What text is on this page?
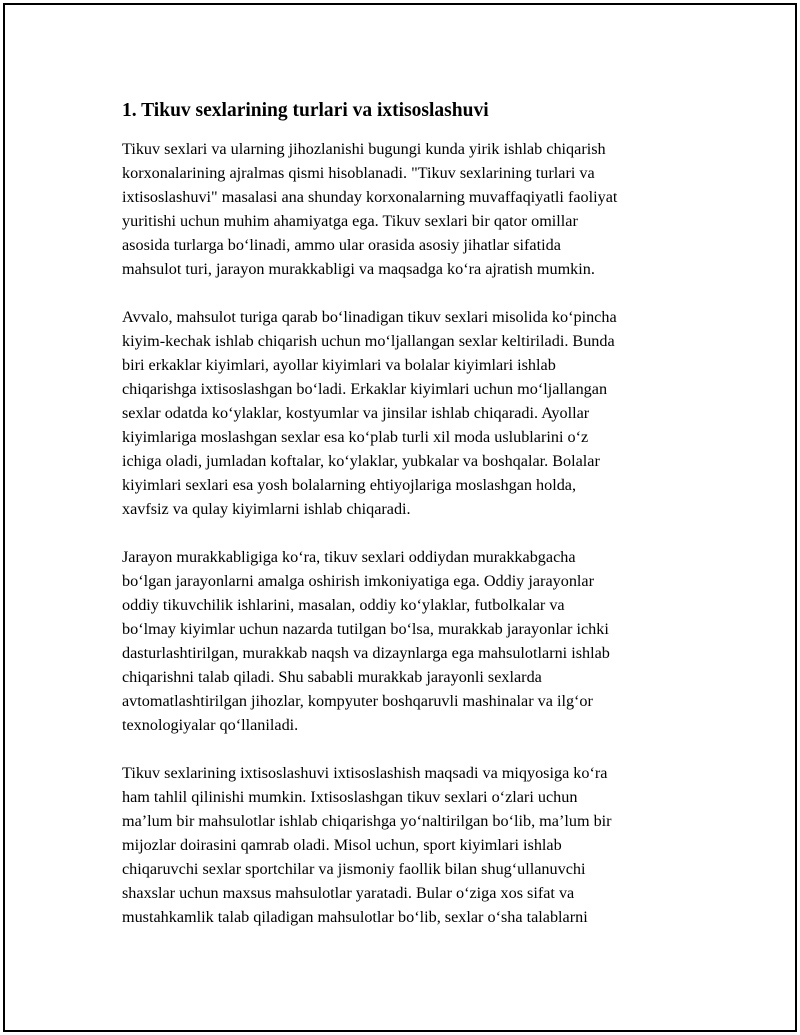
1. Tikuv sexlarining turlari va ixtisoslashuvi

Tikuv sexlari va ularning jihozlanishi bugungi kunda yirik ishlab chiqarish
korxonalarining ajralmas qismi hisoblanadi. "Tikuv sexlarining turlari va
ixtisoslashuvi" masalasi ana shunday korxonalarning muvaffaqiyatli faoliyat
yuritishi uchun muhim ahamiyatga ega. Tikuv sexlari bir qator omillar
asosida turlarga bo‘linadi, ammo ular orasida asosiy jihatlar sifatida
mahsulot turi, jarayon murakkabligi va maqsadga ko‘ra ajratish mumkin.

Avvalo, mahsulot turiga qarab bo‘linadigan tikuv sexlari misolida ko‘pincha
kiyim-kechak ishlab chiqarish uchun mo‘ljallangan sexlar keltiriladi. Bunda
biri erkaklar kiyimlari, ayollar kiyimlari va bolalar kiyimlari ishlab
chiqarishga ixtisoslashgan bo‘ladi. Erkaklar kiyimlari uchun mo‘ljallangan
sexlar odatda ko‘ylaklar, kostyumlar va jinsilar ishlab chiqaradi. Ayollar
kiyimlariga moslashgan sexlar esa ko‘plab turli xil moda uslublarini o‘z
ichiga oladi, jumladan koftalar, ko‘ylaklar, yubkalar va boshqalar. Bolalar
kiyimlari sexlari esa yosh bolalarning ehtiyojlariga moslashgan holda,
xavfsiz va qulay kiyimlarni ishlab chiqaradi.

Jarayon murakkabligiga ko‘ra, tikuv sexlari oddiydan murakkabgacha
bo‘lgan jarayonlarni amalga oshirish imkoniyatiga ega. Oddiy jarayonlar
oddiy tikuvchilik ishlarini, masalan, oddiy ko‘ylaklar, futbolkalar va
bo‘lmay kiyimlar uchun nazarda tutilgan bo‘lsa, murakkab jarayonlar ichki
dasturlashtirilgan, murakkab naqsh va dizaynlarga ega mahsulotlarni ishlab
chiqarishni talab qiladi. Shu sababli murakkab jarayonli sexlarda
avtomatlashtirilgan jihozlar, kompyuter boshqaruvli mashinalar va ilg‘or
texnologiyalar qo‘llaniladi.

Tikuv sexlarining ixtisoslashuvi ixtisoslashish maqsadi va miqyosiga ko‘ra
ham tahlil qilinishi mumkin. Ixtisoslashgan tikuv sexlari o‘zlari uchun
ma’lum bir mahsulotlar ishlab chiqarishga yo‘naltirilgan bo‘lib, ma’lum bir
mijozlar doirasini qamrab oladi. Misol uchun, sport kiyimlari ishlab
chiqaruvchi sexlar sportchilar va jismoniy faollik bilan shug‘ullanuvchi
shaxslar uchun maxsus mahsulotlar yaratadi. Bular o‘ziga xos sifat va
mustahkamlik talab qiladigan mahsulotlar bo‘lib, sexlar o‘sha talablarni
